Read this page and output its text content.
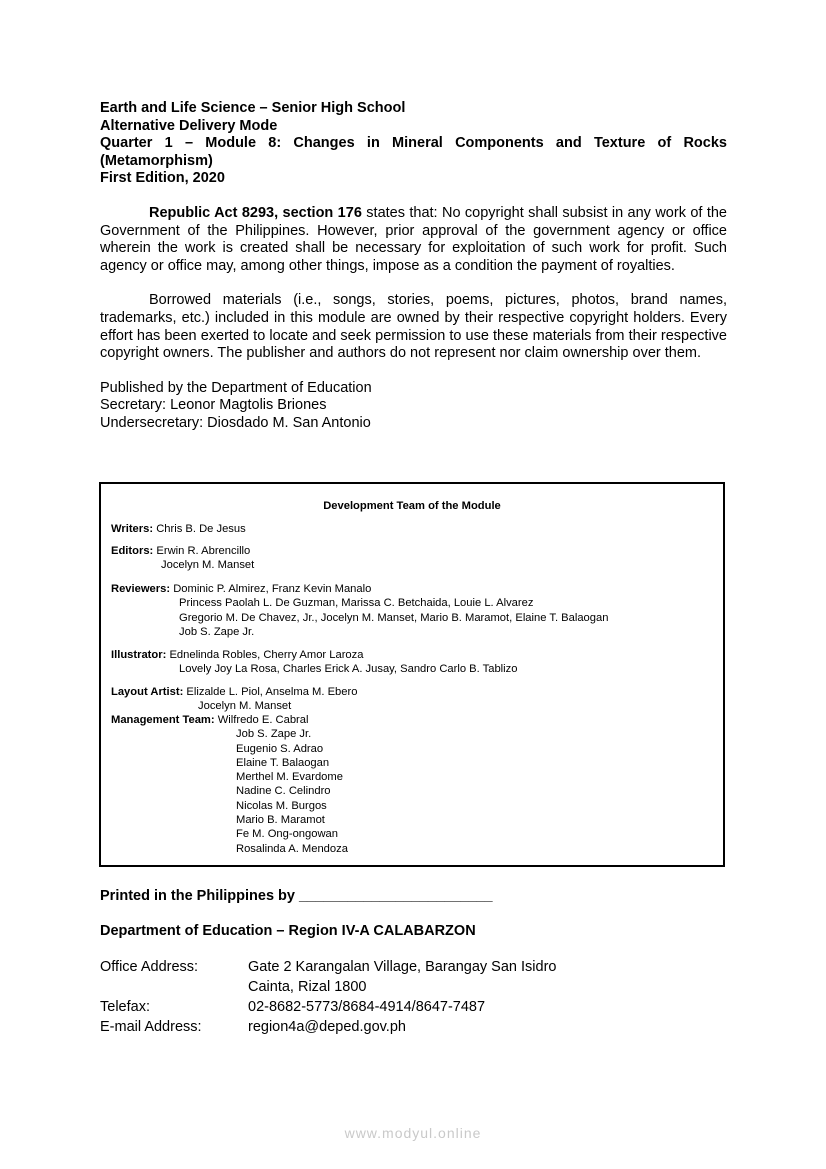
Earth and Life Science – Senior High School
Alternative Delivery Mode
Quarter 1 – Module 8: Changes in Mineral Components and Texture of Rocks
(Metamorphism)
First Edition, 2020

Republic Act 8293, section 176 states that: No copyright shall subsist in any work of the Government of the Philippines. However, prior approval of the government agency or office wherein the work is created shall be necessary for exploitation of such work for profit. Such agency or office may, among other things, impose as a condition the payment of royalties.

Borrowed materials (i.e., songs, stories, poems, pictures, photos, brand names, trademarks, etc.) included in this module are owned by their respective copyright holders. Every effort has been exerted to locate and seek permission to use these materials from their respective copyright owners. The publisher and authors do not represent nor claim ownership over them.

Published by the Department of Education
Secretary: Leonor Magtolis Briones
Undersecretary: Diosdado M. San Antonio
Development Team of the Module
Writers: Chris B. De Jesus
Editors: Erwin R. Abrencillo
Jocelyn M. Manset
Reviewers: Dominic P. Almirez, Franz Kevin Manalo
Princess Paolah L. De Guzman, Marissa C. Betchaida, Louie L. Alvarez
Gregorio M. De Chavez, Jr., Jocelyn M. Manset, Mario B. Maramot, Elaine T. Balaogan
Job S. Zape Jr.
Illustrator: Ednelinda Robles, Cherry Amor Laroza
Lovely Joy La Rosa, Charles Erick A. Jusay, Sandro Carlo B. Tablizo
Layout Artist: Elizalde L. Piol, Anselma M. Ebero
Jocelyn M. Manset
Management Team: Wilfredo E. Cabral
Job S. Zape Jr.
Eugenio S. Adrao
Elaine T. Balaogan
Merthel M. Evardome
Nadine C. Celindro
Nicolas M. Burgos
Mario B. Maramot
Fe M. Ong-ongowan
Rosalinda A. Mendoza
Printed in the Philippines by ________________________
Department of Education – Region IV-A CALABARZON
Office Address:	Gate 2 Karangalan Village, Barangay San Isidro
Cainta, Rizal 1800
Telefax:	02-8682-5773/8684-4914/8647-7487
E-mail Address:	region4a@deped.gov.ph
www.modyul.online
